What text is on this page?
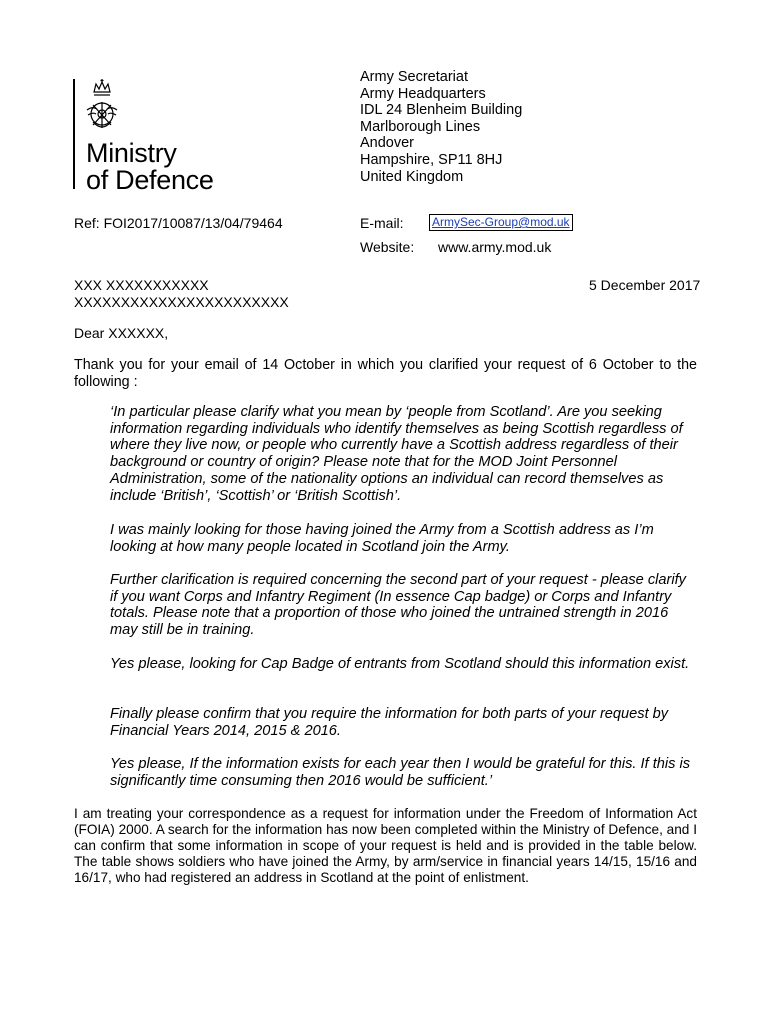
Ministry
of Defence
Army Secretariat
Army Headquarters
IDL 24 Blenheim Building
Marlborough Lines
Andover
Hampshire, SP11 8HJ
United Kingdom
Ref: FOI2017/10087/13/04/79464	E-mail: ArmySec-Group@mod.uk
Website: www.army.mod.uk
XXX XXXXXXXXXXX
XXXXXXXXXXXXXXXXXXXXXXX
5 December 2017
Dear XXXXXX,
Thank you for your email of 14 October in which you clarified your request of 6 October to the following :
‘In particular please clarify what you mean by ‘people from Scotland’. Are you seeking information regarding individuals who identify themselves as being Scottish regardless of where they live now, or people who currently have a Scottish address regardless of their background or country of origin? Please note that for the MOD Joint Personnel Administration, some of the nationality options an individual can record themselves as include ‘British’, ‘Scottish’ or ‘British Scottish’.
I was mainly looking for those having joined the Army from a Scottish address as I’m looking at how many people located in Scotland join the Army.
Further clarification is required concerning the second part of your request - please clarify if you want Corps and Infantry Regiment (In essence Cap badge) or Corps and Infantry totals. Please note that a proportion of those who joined the untrained strength in 2016 may still be in training.
Yes please, looking for Cap Badge of entrants from Scotland should this information exist.
Finally please confirm that you require the information for both parts of your request by Financial Years 2014, 2015 & 2016.
Yes please, If the information exists for each year then I would be grateful for this. If this is significantly time consuming then 2016 would be sufficient.’
I am treating your correspondence as a request for information under the Freedom of Information Act (FOIA) 2000. A search for the information has now been completed within the Ministry of Defence, and I can confirm that some information in scope of your request is held and is provided in the table below. The table shows soldiers who have joined the Army, by arm/service in financial years 14/15, 15/16 and 16/17, who had registered an address in Scotland at the point of enlistment.
